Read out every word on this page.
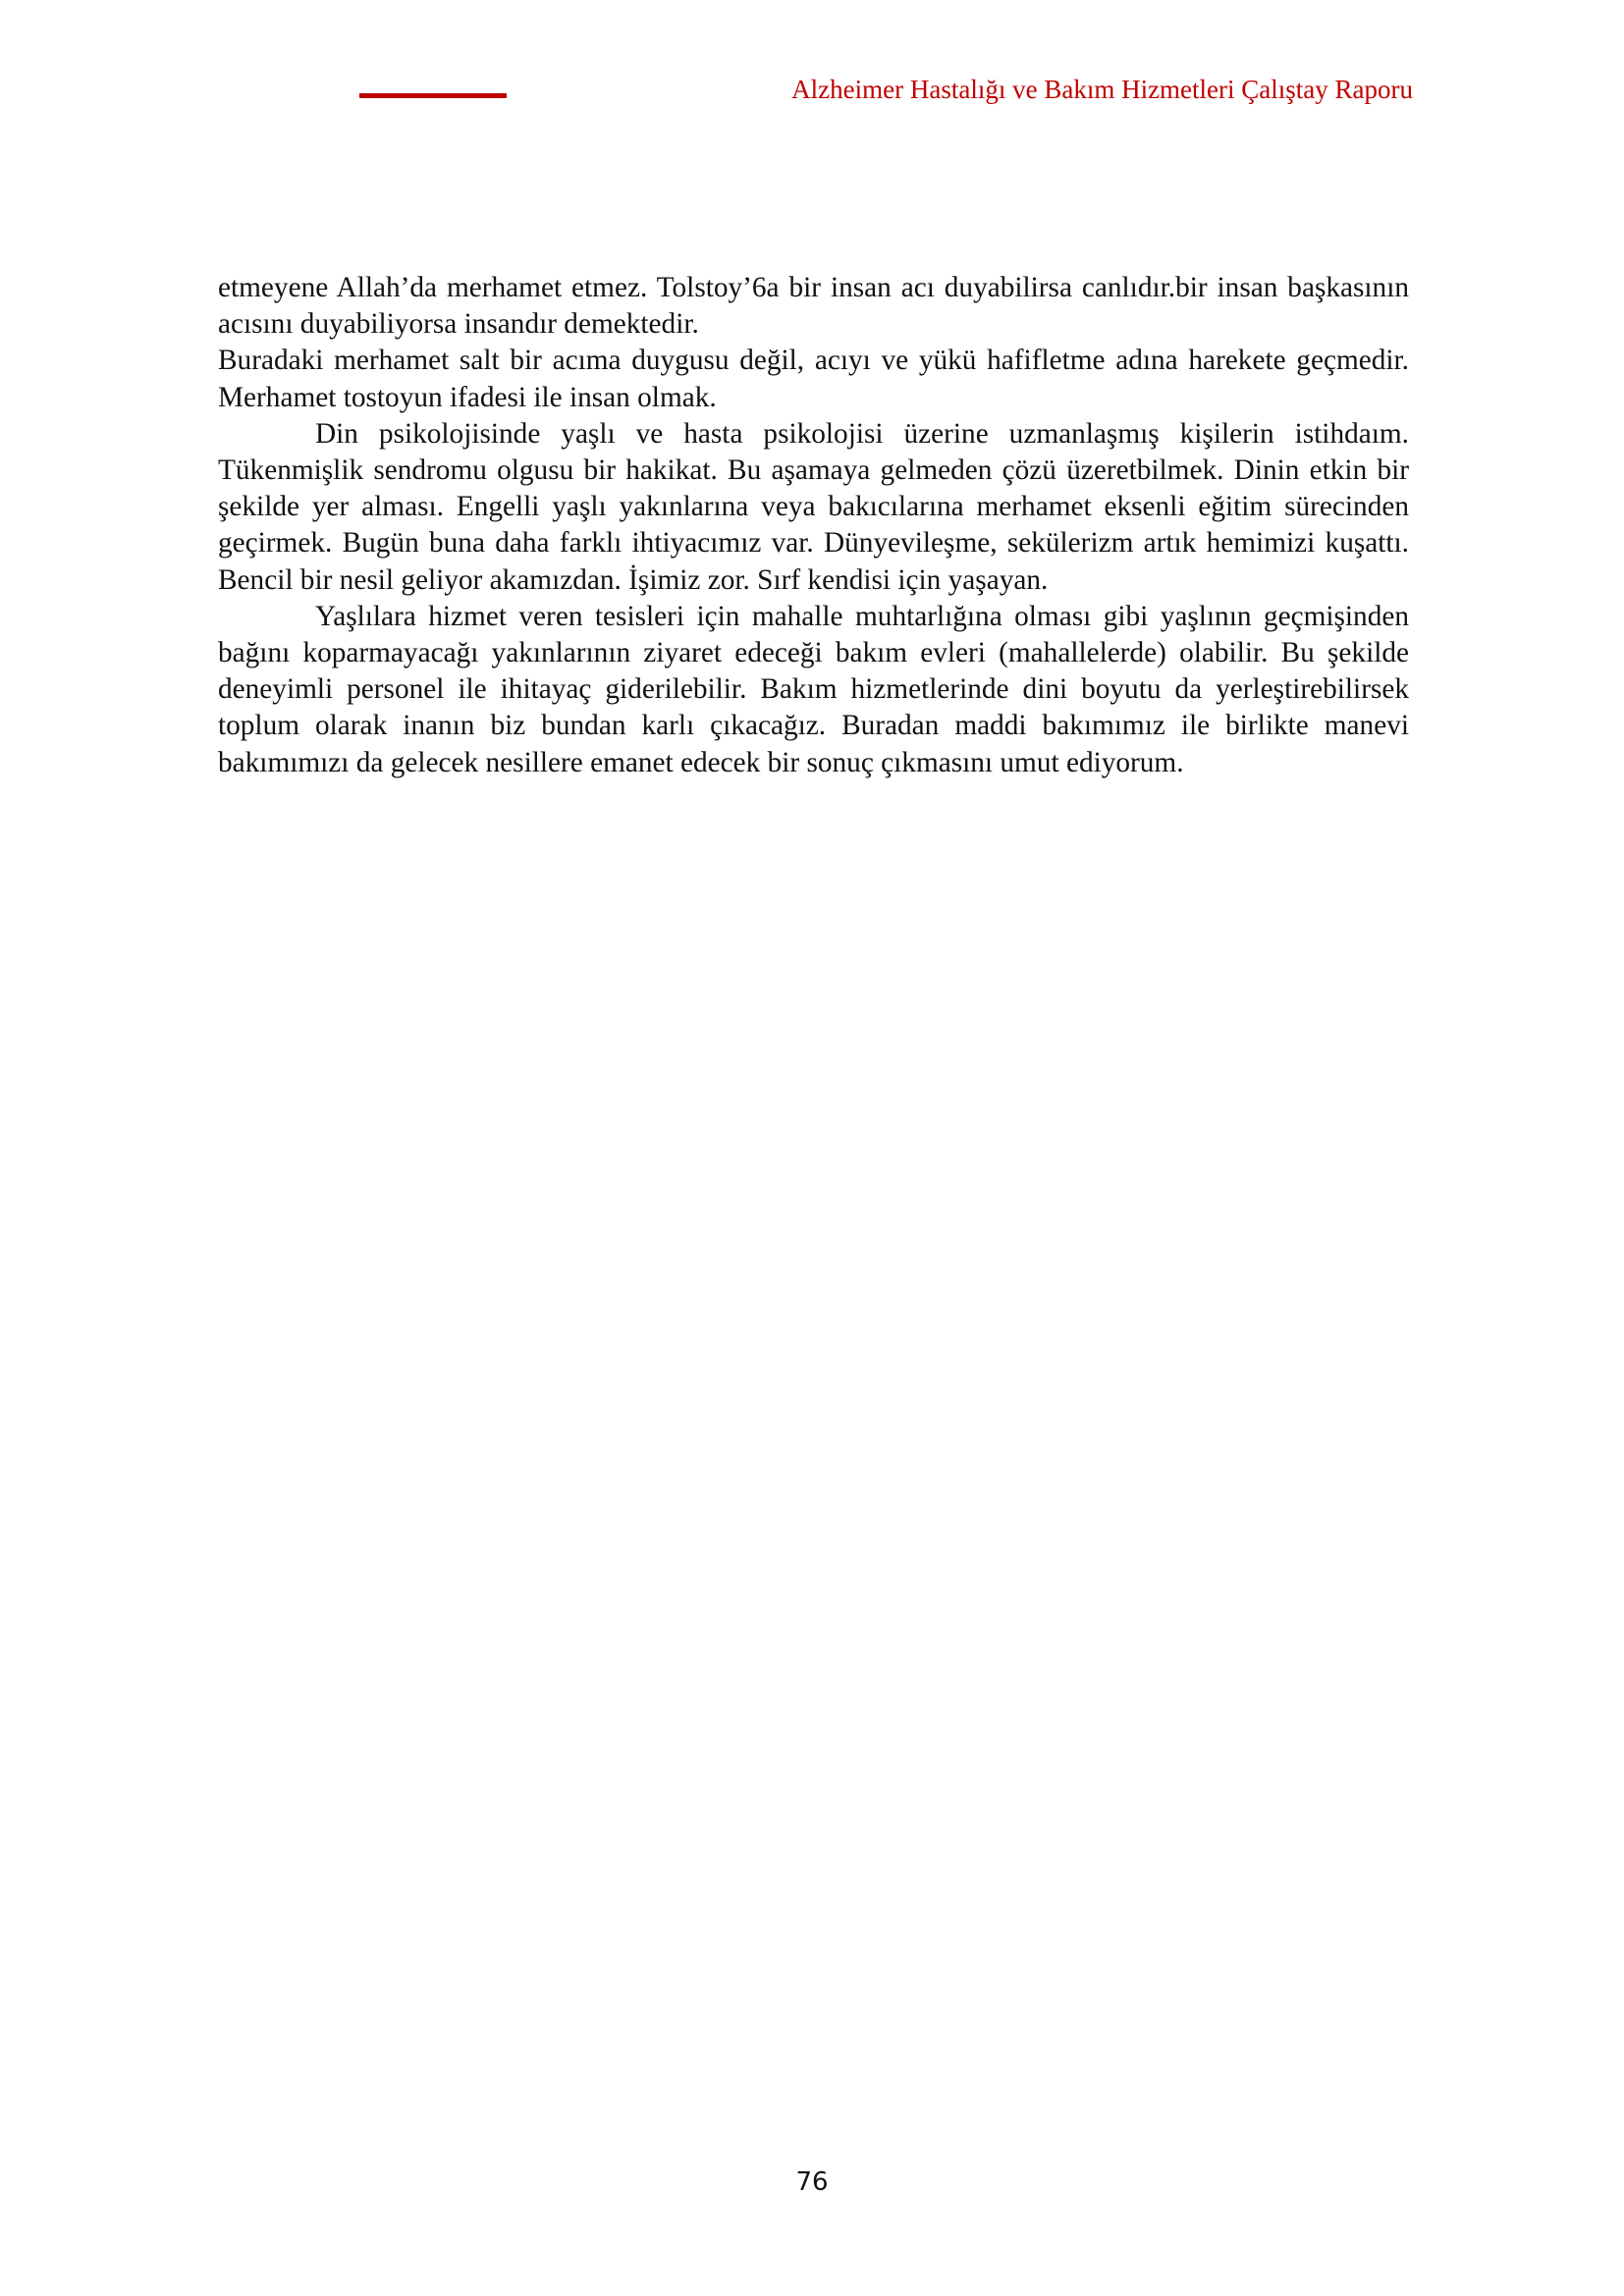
Alzheimer Hastalığı ve Bakım Hizmetleri Çalıştay Raporu

etmeyene Allah’da merhamet etmez. Tolstoy’6a bir insan acı duyabilirsa canlıdır.bir insan başkasının acısını duyabiliyorsa insandır demektedir.

Buradaki merhamet salt bir acıma duygusu değil, acıyı ve yükü hafifletme adına harekete geçmedir. Merhamet tostoyun ifadesi ile insan olmak.

Din psikolojisinde yaşlı ve hasta psikolojisi üzerine uzmanlaşmış kişilerin istihdaım. Tükenmişlik sendromu olgusu bir hakikat. Bu aşamaya gelmeden çözü üzeretbilmek. Dinin etkin bir şekilde yer alması. Engelli yaşlı yakınlarına veya bakıcılarına merhamet eksenli eğitim sürecinden geçirmek. Bugün buna daha farklı ihtiyacımız var. Dünyevileşme, sekülerizm artık hemimizi kuşattı. Bencil bir nesil geliyor akamızdan. İşimiz zor. Sırf kendisi için yaşayan.

Yaşlılara hizmet veren tesisleri için mahalle muhtarlığına olması gibi yaşlının geçmişinden bağını koparmayacağı yakınlarının ziyaret edeceği bakım evleri (mahallelerde) olabilir. Bu şekilde deneyimli personel ile ihitayaç giderilebilir. Bakım hizmetlerinde dini boyutu da yerleştirebilirsek toplum olarak inanın biz bundan karlı çıkacağız. Buradan maddi bakımımız ile birlikte manevi bakımımızı da gelecek nesillere emanet edecek bir sonuç çıkmasını umut ediyorum.

76
